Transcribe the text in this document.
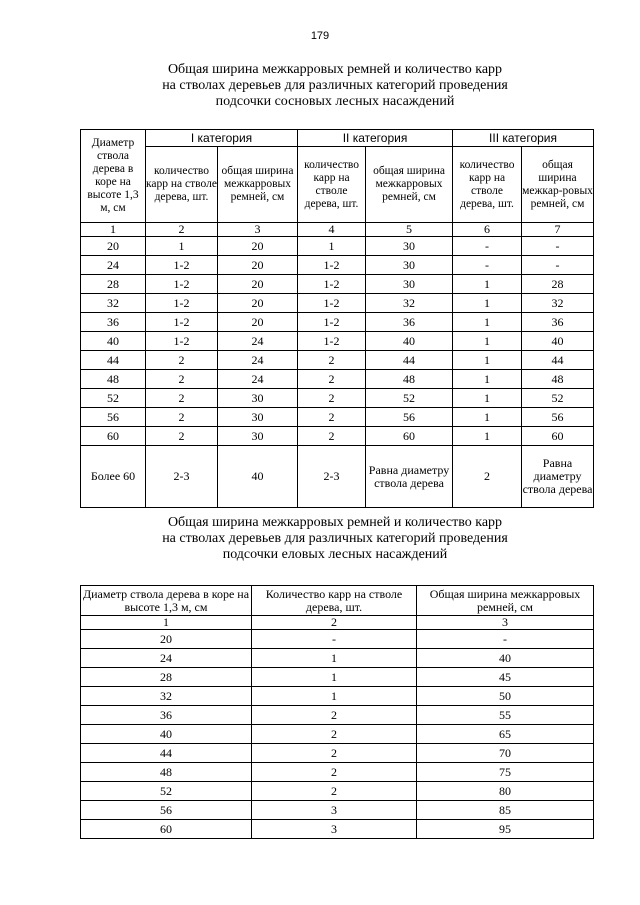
179
Общая ширина межкарровых ремней и количество карр
на стволах деревьев для различных категорий проведения
подсочки сосновых лесных насаждений
Диаметр ствола дерева в коре на высоте 1,3 м, см	I категория		II категория		III категория	
	количество карр на стволе дерева, шт.	общая ширина межкарровых ремней, см	количество карр на стволе дерева, шт.	общая ширина межкарровых ремней, см	количество карр на стволе дерева, шт.	общая ширина межкар-ровых ремней, см
1	2	3	4	5	6	7
20	1	20	1	30	-	-
24	1-2	20	1-2	30	-	-
28	1-2	20	1-2	30	1	28
32	1-2	20	1-2	32	1	32
36	1-2	20	1-2	36	1	36
40	1-2	24	1-2	40	1	40
44	2	24	2	44	1	44
48	2	24	2	48	1	48
52	2	30	2	52	1	52
56	2	30	2	56	1	56
60	2	30	2	60	1	60
Более 60	2-3	40	2-3	Равна диаметру ствола дерева	2	Равна диаметру ствола дерева
Общая ширина межкарровых ремней и количество карр
на стволах деревьев для различных категорий проведения
подсочки еловых лесных насаждений
Диаметр ствола дерева в коре на высоте 1,3 м, см	Количество карр на стволе дерева, шт.	Общая ширина межкарровых ремней, см
1	2	3
20	-	-
24	1	40
28	1	45
32	1	50
36	2	55
40	2	65
44	2	70
48	2	75
52	2	80
56	3	85
60	3	95
